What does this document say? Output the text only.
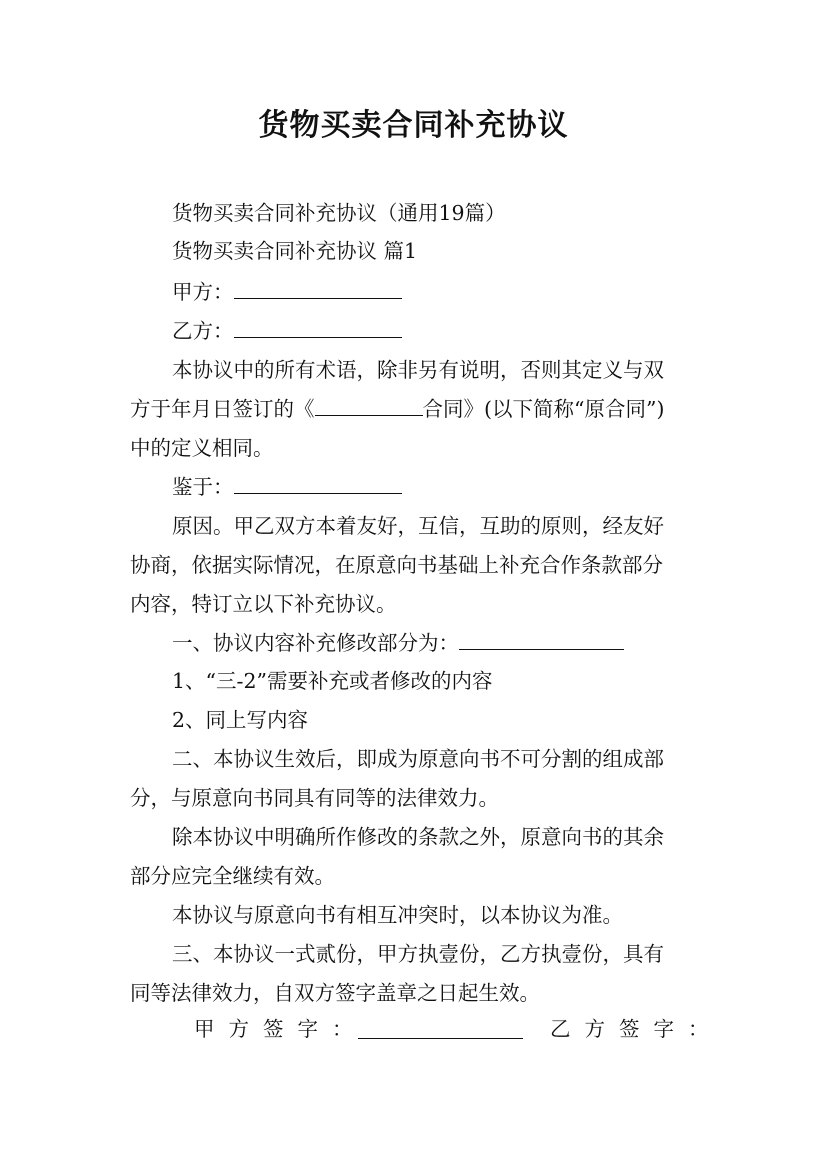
货物买卖合同补充协议
货物买卖合同补充协议（通用19篇）
货物买卖合同补充协议 篇1
甲方：
乙方：
本协议中的所有术语，除非另有说明，否则其定义与双
方于年月日签订的《	合同》(以下简称“原合同”)
中的定义相同。
鉴于：
原因。甲乙双方本着友好，互信，互助的原则，经友好
协商，依据实际情况，在原意向书基础上补充合作条款部分
内容，特订立以下补充协议。
一、协议内容补充修改部分为：
1、“三-2”需要补充或者修改的内容
2、同上写内容
二、本协议生效后，即成为原意向书不可分割的组成部
分，与原意向书同具有同等的法律效力。
除本协议中明确所作修改的条款之外，原意向书的其余
部分应完全继续有效。
本协议与原意向书有相互冲突时，以本协议为准。
三、本协议一式贰份，甲方执壹份，乙方执壹份，具有
同等法律效力，自双方签字盖章之日起生效。
甲方签字：	乙方签字：
